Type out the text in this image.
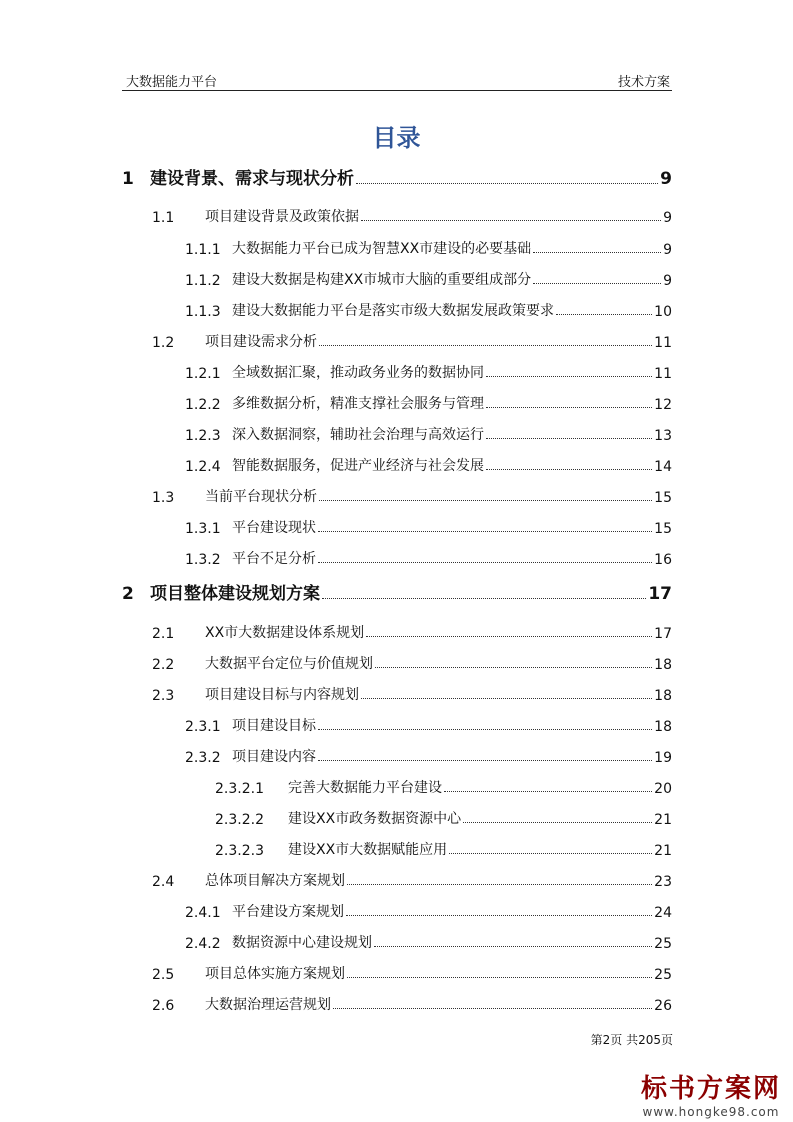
大数据能力平台	技术方案
目录
1 建设背景、需求与现状分析	9
1.1 项目建设背景及政策依据	9
1.1.1 大数据能力平台已成为智慧XX市建设的必要基础	9
1.1.2 建设大数据是构建XX市城市大脑的重要组成部分	9
1.1.3 建设大数据能力平台是落实市级大数据发展政策要求	10
1.2 项目建设需求分析	11
1.2.1 全域数据汇聚，推动政务业务的数据协同	11
1.2.2 多维数据分析，精准支撑社会服务与管理	12
1.2.3 深入数据洞察，辅助社会治理与高效运行	13
1.2.4 智能数据服务，促进产业经济与社会发展	14
1.3 当前平台现状分析	15
1.3.1 平台建设现状	15
1.3.2 平台不足分析	16
2 项目整体建设规划方案	17
2.1 XX市大数据建设体系规划	17
2.2 大数据平台定位与价值规划	18
2.3 项目建设目标与内容规划	18
2.3.1 项目建设目标	18
2.3.2 项目建设内容	19
2.3.2.1 完善大数据能力平台建设	20
2.3.2.2 建设XX市政务数据资源中心	21
2.3.2.3 建设XX市大数据赋能应用	21
2.4 总体项目解决方案规划	23
2.4.1 平台建设方案规划	24
2.4.2 数据资源中心建设规划	25
2.5 项目总体实施方案规划	25
2.6 大数据治理运营规划	26
第2页 共205页
标书方案网
www.hongke98.com
